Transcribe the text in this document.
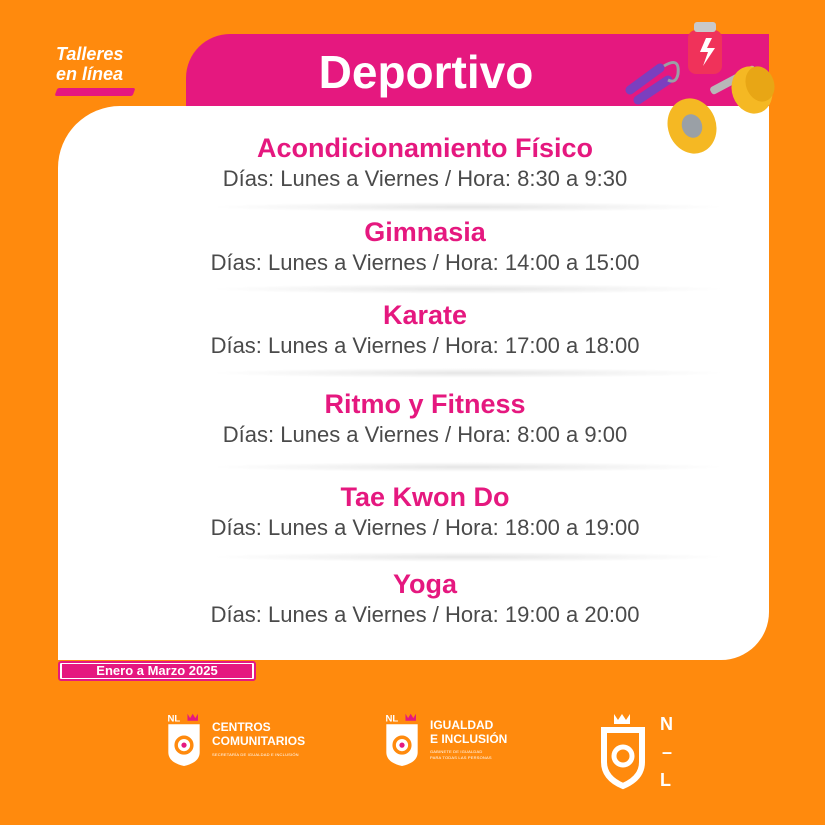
Talleres
en línea	Deportivo
Acondicionamiento Físico
Días: Lunes a Viernes / Hora: 8:30 a 9:30
Gimnasia
Días: Lunes a Viernes / Hora: 14:00 a 15:00
Karate
Días: Lunes a Viernes / Hora: 17:00 a 18:00
Ritmo y Fitness
Días: Lunes a Viernes / Hora: 8:00 a 9:00
Tae Kwon Do
Días: Lunes a Viernes / Hora: 18:00 a 19:00
Yoga
Días: Lunes a Viernes / Hora: 19:00 a 20:00
Enero a Marzo 2025
NL
CENTROS
COMUNITARIOS
SECRETARÍA DE IGUALDAD E INCLUSIÓN
NL	IGUALDAD
E INCLUSIÓN
GABINETE DE IGUALDAD
PARA TODAS LAS PERSONAS
N
–
L
